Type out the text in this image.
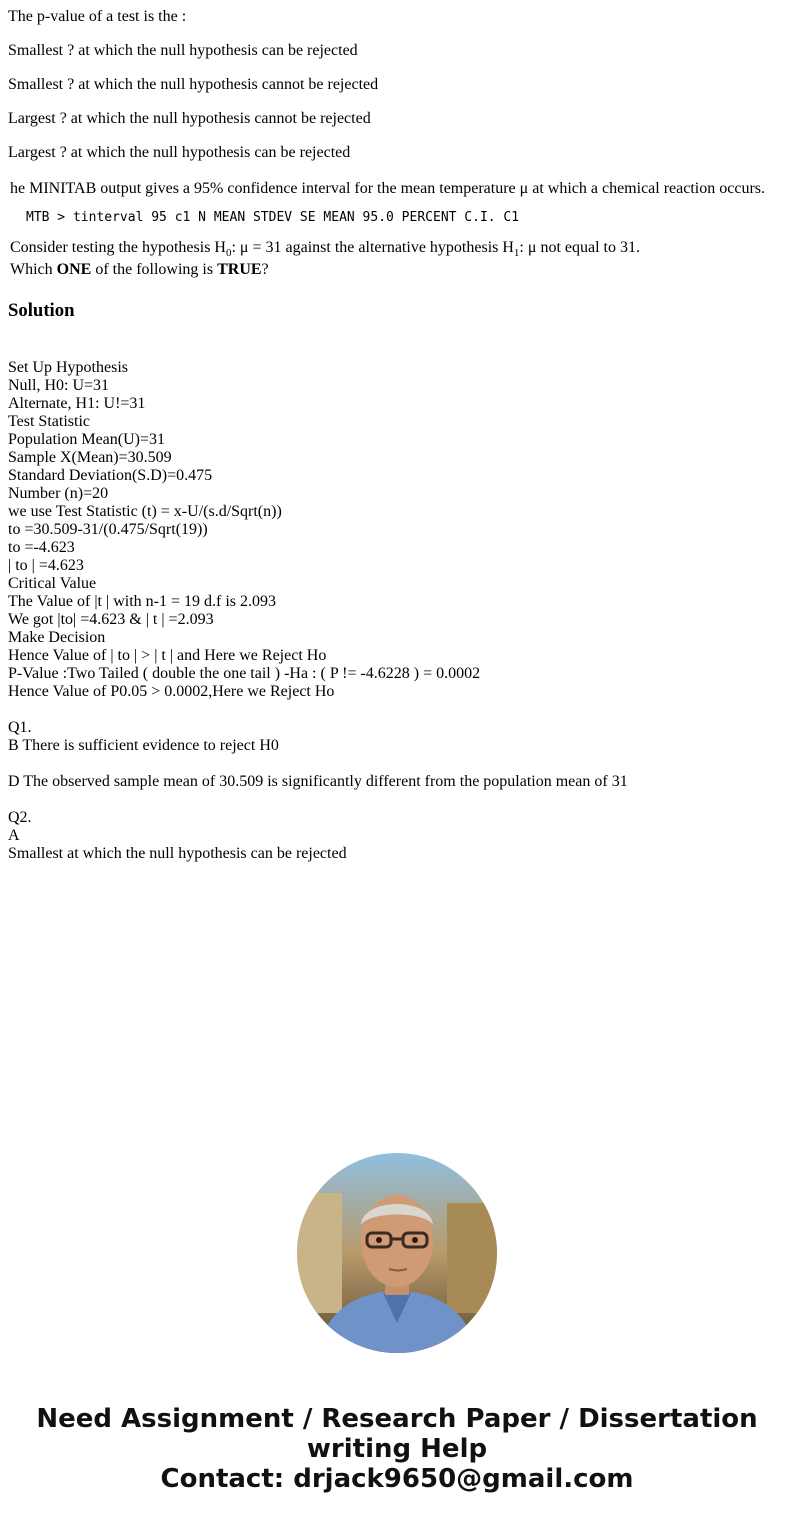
The p-value of a test is the :
Smallest ? at which the null hypothesis can be rejected
Smallest ? at which the null hypothesis cannot be rejected
Largest ? at which the null hypothesis cannot be rejected
Largest ? at which the null hypothesis can be rejected
he MINITAB output gives a 95% confidence interval for the mean temperature μ at which a chemical reaction occurs.
MTB > tinterval 95 c1 N MEAN STDEV SE MEAN 95.0 PERCENT C.I. C1
Consider testing the hypothesis $H_0$: μ = 31 against the alternative hypothesis $H_1$: μ not equal to 31.
Which ONE of the following is TRUE?
Solution
Set Up Hypothesis
Null, H0: U=31
Alternate, H1: U!=31
Test Statistic
Population Mean(U)=31
Sample X(Mean)=30.509
Standard Deviation(S.D)=0.475
Number (n)=20
we use Test Statistic (t) = x-U/(s.d/Sqrt(n))
to =30.509-31/(0.475/Sqrt(19))
to =-4.623
| to | =4.623
Critical Value
The Value of |t | with n-1 = 19 d.f is 2.093
We got |to| =4.623 & | t | =2.093
Make Decision
Hence Value of | to | > | t | and Here we Reject Ho
P-Value :Two Tailed ( double the one tail ) -Ha : ( P != -4.6228 ) = 0.0002
Hence Value of P0.05 > 0.0002,Here we Reject Ho
Q1.
B There is sufficient evidence to reject H0
D The observed sample mean of 30.509 is significantly different from the population mean of 31
Q2.
A
Smallest at which the null hypothesis can be rejected
Need Assignment / Research Paper / Dissertation
writing Help
Contact: drjack9650@gmail.com
